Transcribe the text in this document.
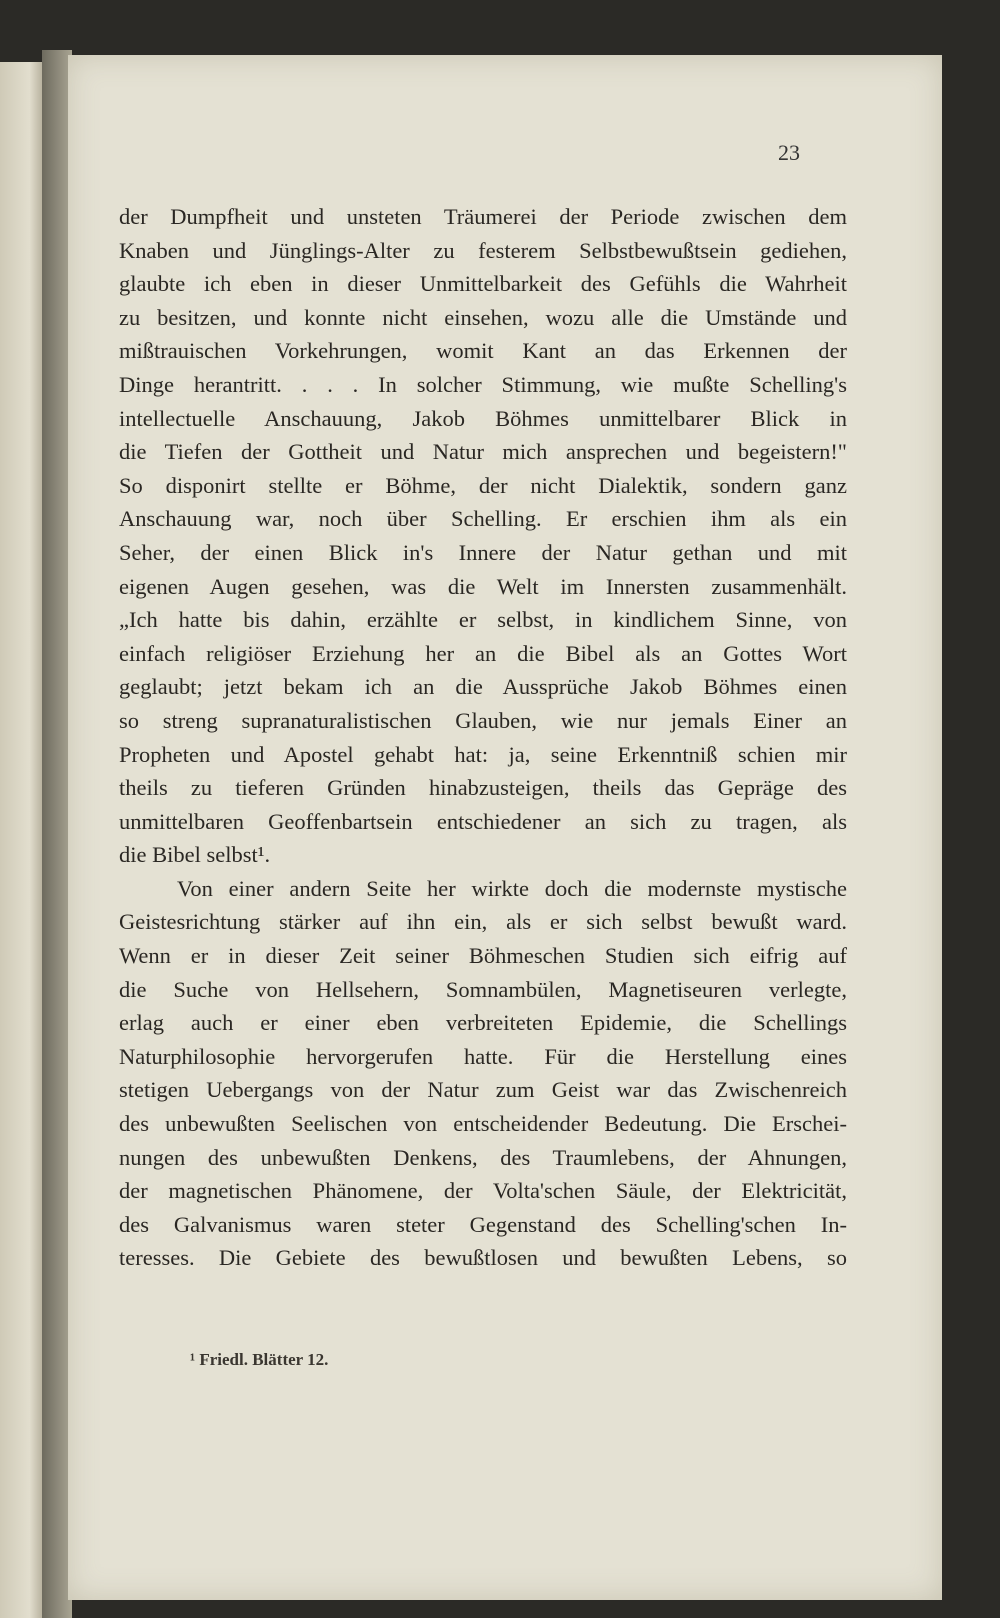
23
der Dumpfheit und unsteten Träumerei der Periode zwischen dem
Knaben und Jünglings-Alter zu festerem Selbstbewußtsein gediehen,
glaubte ich eben in dieser Unmittelbarkeit des Gefühls die Wahrheit
zu besitzen, und konnte nicht einsehen, wozu alle die Umstände und
mißtrauischen Vorkehrungen, womit Kant an das Erkennen der
Dinge herantritt. . . . In solcher Stimmung, wie mußte Schelling's
intellectuelle Anschauung, Jakob Böhmes unmittelbarer Blick in
die Tiefen der Gottheit und Natur mich ansprechen und begeistern!"
So disponirt stellte er Böhme, der nicht Dialektik, sondern ganz
Anschauung war, noch über Schelling. Er erschien ihm als ein
Seher, der einen Blick in's Innere der Natur gethan und mit
eigenen Augen gesehen, was die Welt im Innersten zusammenhält.
„Ich hatte bis dahin, erzählte er selbst, in kindlichem Sinne, von
einfach religiöser Erziehung her an die Bibel als an Gottes Wort
geglaubt; jetzt bekam ich an die Aussprüche Jakob Böhmes einen
so streng supranaturalistischen Glauben, wie nur jemals Einer an
Propheten und Apostel gehabt hat: ja, seine Erkenntniß schien mir
theils zu tieferen Gründen hinabzusteigen, theils das Gepräge des
unmittelbaren Geoffenbartsein entschiedener an sich zu tragen, als
die Bibel selbst¹.
Von einer andern Seite her wirkte doch die modernste mystische
Geistesrichtung stärker auf ihn ein, als er sich selbst bewußt ward.
Wenn er in dieser Zeit seiner Böhmeschen Studien sich eifrig auf
die Suche von Hellsehern, Somnambülen, Magnetiseuren verlegte,
erlag auch er einer eben verbreiteten Epidemie, die Schellings
Naturphilosophie hervorgerufen hatte. Für die Herstellung eines
stetigen Uebergangs von der Natur zum Geist war das Zwischenreich
des unbewußten Seelischen von entscheidender Bedeutung. Die Erschei-
nungen des unbewußten Denkens, des Traumlebens, der Ahnungen,
der magnetischen Phänomene, der Volta'schen Säule, der Elektricität,
des Galvanismus waren steter Gegenstand des Schelling'schen In-
teresses. Die Gebiete des bewußtlosen und bewußten Lebens, so
¹ Friedl. Blätter 12.
